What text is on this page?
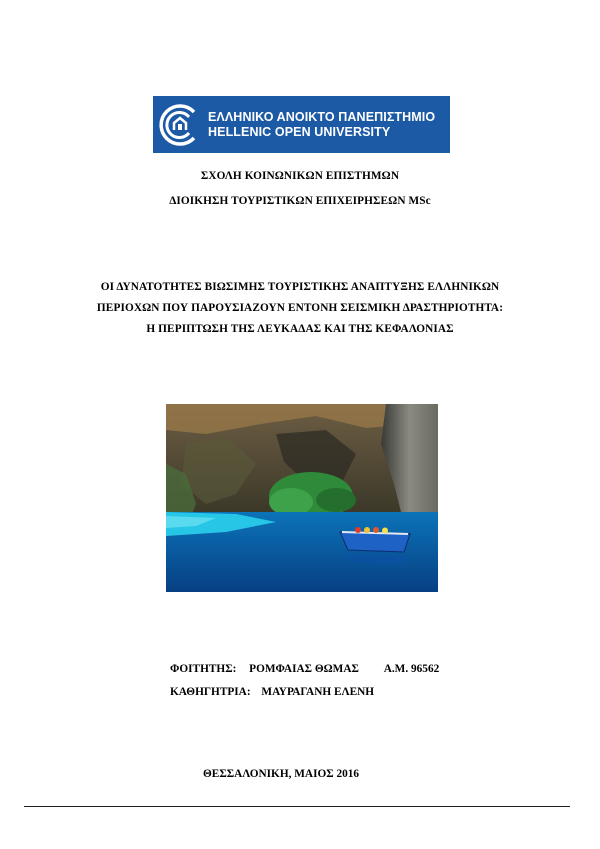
ΕΛΛΗΝΙΚΟ ΑΝΟΙΚΤΟ ΠΑΝΕΠΙΣΤΗΜΙΟ
HELLENIC OPEN UNIVERSITY
ΣΧΟΛΗ ΚΟΙΝΩΝΙΚΩΝ ΕΠΙΣΤΗΜΩΝ
ΔΙΟΙΚΗΣΗ ΤΟΥΡΙΣΤΙΚΩΝ ΕΠΙΧΕΙΡΗΣΕΩΝ MSc
ΟΙ ΔΥΝΑΤΟΤΗΤΕΣ ΒΙΩΣΙΜΗΣ ΤΟΥΡΙΣΤΙΚΗΣ ΑΝΑΠΤΥΞΗΣ ΕΛΛΗΝΙΚΩΝ
ΠΕΡΙΟΧΩΝ ΠΟΥ ΠΑΡΟΥΣΙΑΖΟΥΝ ΕΝΤΟΝΗ ΣΕΙΣΜΙΚΗ ΔΡΑΣΤΗΡΙΟΤΗΤΑ:
Η ΠΕΡΙΠΤΩΣΗ ΤΗΣ ΛΕΥΚΑΔΑΣ ΚΑΙ ΤΗΣ ΚΕΦΑΛΟΝΙΑΣ
ΦΟΙΤΗΤΗΣ: ΡΟΜΦΑΙΑΣ ΘΩΜΑΣ Α.Μ. 96562
ΚΑΘΗΓΗΤΡΙΑ: ΜΑΥΡΑΓΑΝΗ ΕΛΕΝΗ
ΘΕΣΣΑΛΟΝΙΚΗ, ΜΑΙΟΣ 2016
